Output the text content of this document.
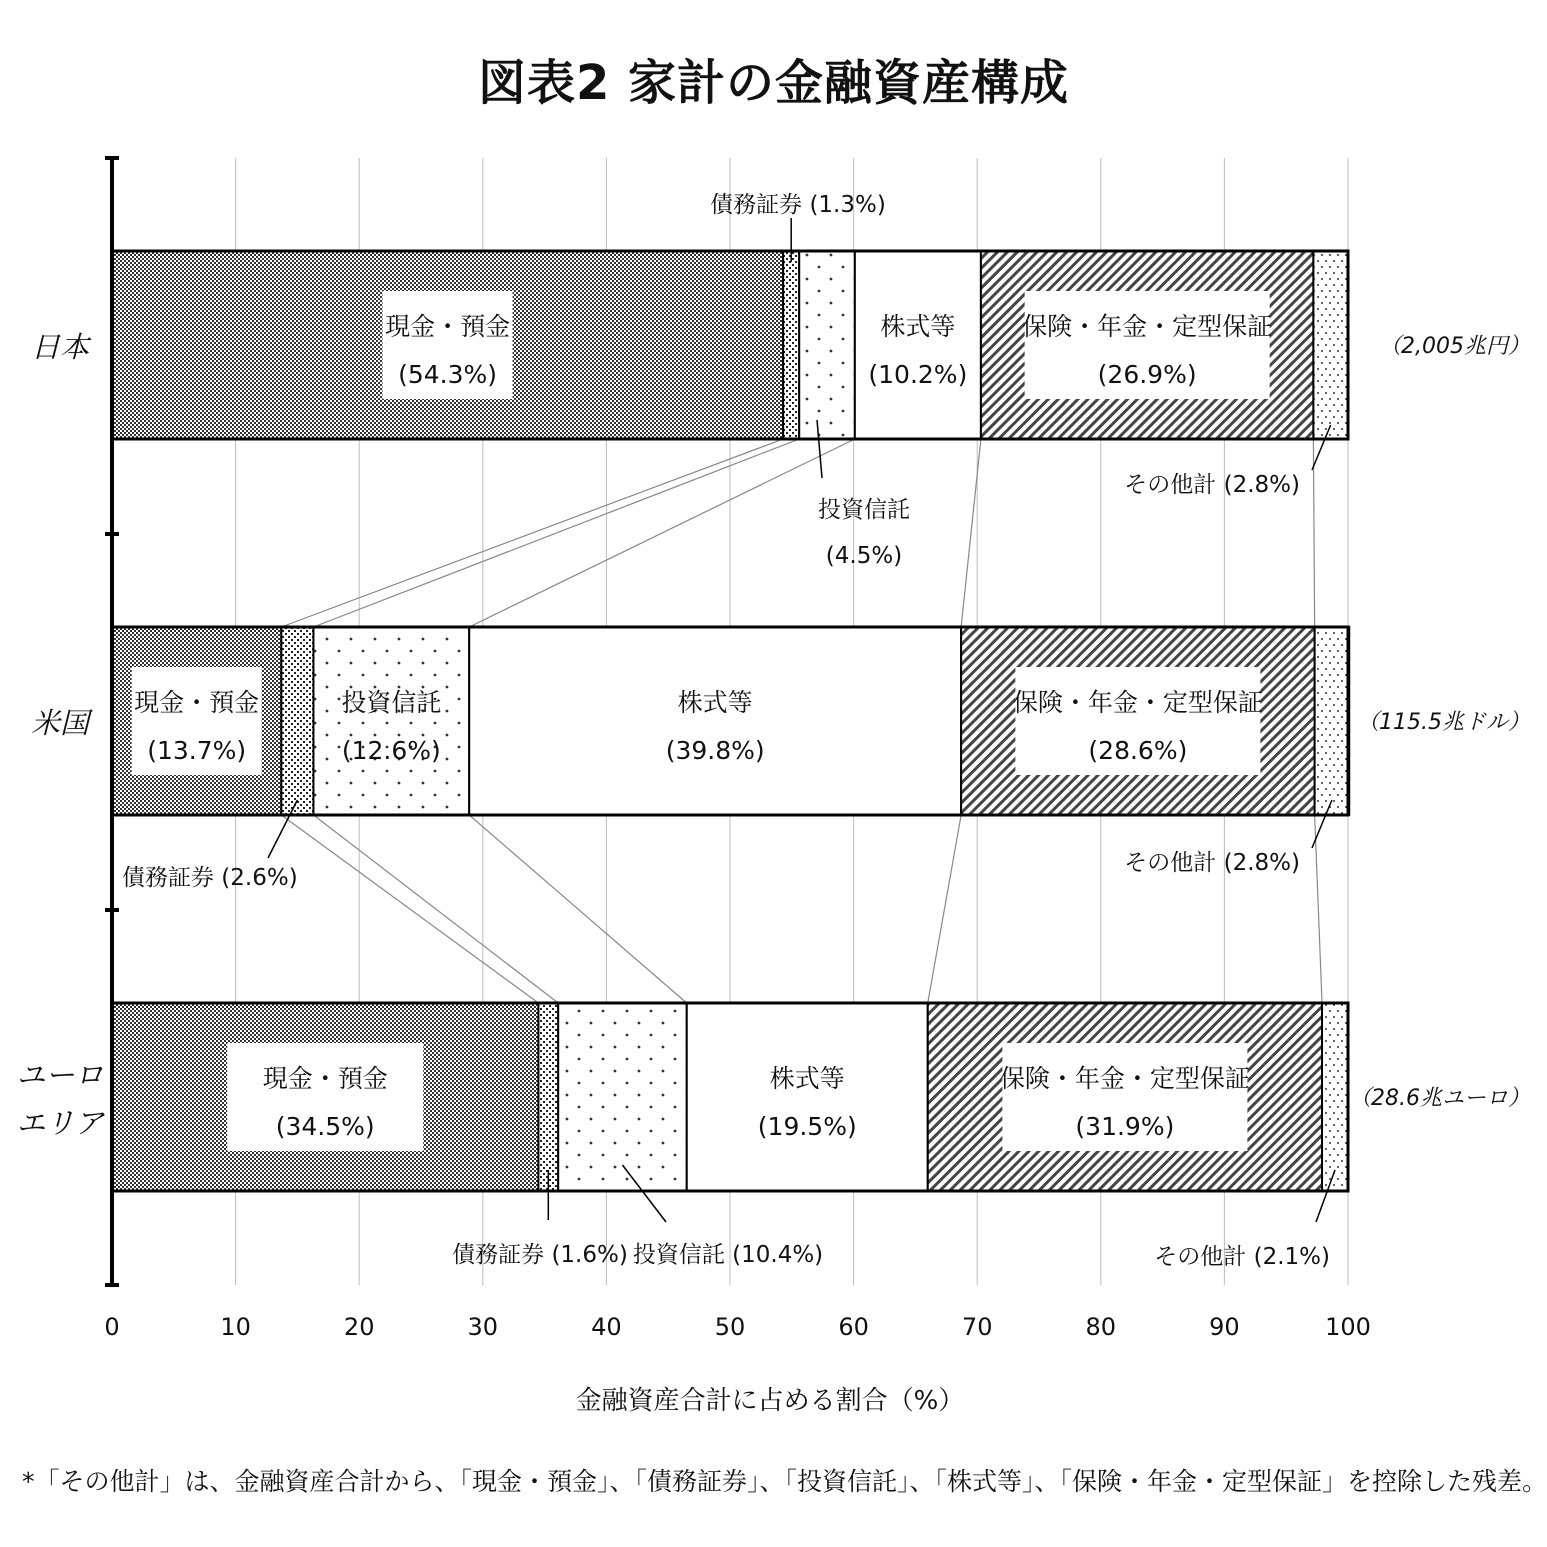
図表2 家計の金融資産構成
日本	（2,005兆円）
米国	（115.5兆ドル）
ユーロエリア
（28.6兆ユーロ）
現金・預金(54.3%)
現金・預金(13.7%)
現金・預金(34.5%)
投資信託(12.6%)
株式等(10.2%)
株式等(39.8%)
株式等(19.5%)
保険・年金・定型保証(26.9%)
保険・年金・定型保証(28.6%)
保険・年金・定型保証(31.9%)
債務証券 (1.3%)
投資信託(4.5%)
その他計 (2.8%)
債務証券 (2.6%)
その他計 (2.8%)
債務証券 (1.6%) 投資信託 (10.4%)	その他計 (2.1%)
0	10	20	30	40	50	60	70	80	90	100
金融資産合計に占める割合（%）
*「その他計」は、金融資産合計から、「現金・預金」、「債務証券」、「投資信託」、「株式等」、「保険・年金・定型保証」を控除した残差。
